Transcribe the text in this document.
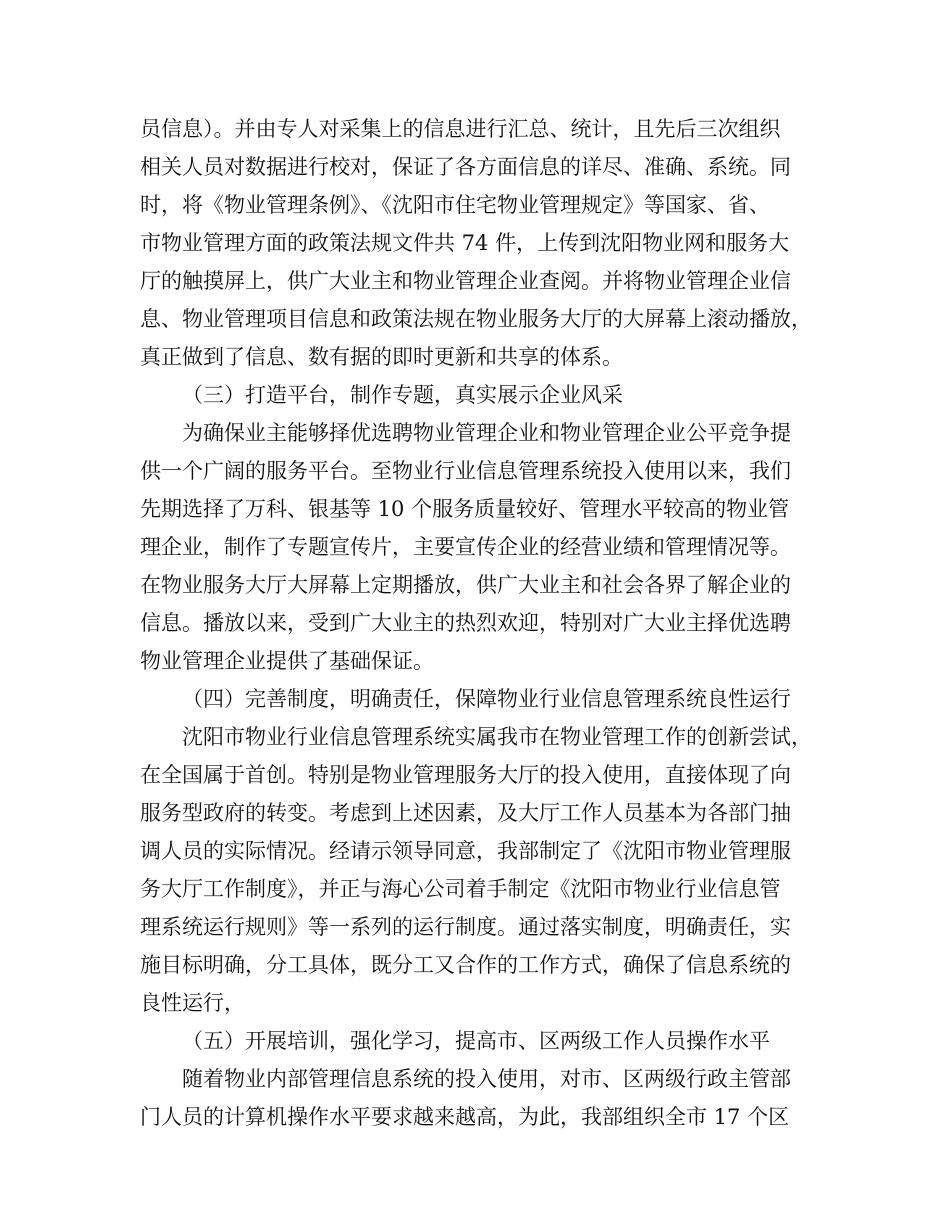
员信息）。并由专人对采集上的信息进行汇总、统计，且先后三次组织
相关人员对数据进行校对，保证了各方面信息的详尽、准确、系统。同
时，将《物业管理条例》、《沈阳市住宅物业管理规定》等国家、省、
市物业管理方面的政策法规文件共 74 件，上传到沈阳物业网和服务大
厅的触摸屏上，供广大业主和物业管理企业查阅。并将物业管理企业信
息、物业管理项目信息和政策法规在物业服务大厅的大屏幕上滚动播放，
真正做到了信息、数有据的即时更新和共享的体系。
（三）打造平台，制作专题，真实展示企业风采
为确保业主能够择优选聘物业管理企业和物业管理企业公平竞争提
供一个广阔的服务平台。至物业行业信息管理系统投入使用以来，我们
先期选择了万科、银基等 10 个服务质量较好、管理水平较高的物业管
理企业，制作了专题宣传片，主要宣传企业的经营业绩和管理情况等。
在物业服务大厅大屏幕上定期播放，供广大业主和社会各界了解企业的
信息。播放以来，受到广大业主的热烈欢迎，特别对广大业主择优选聘
物业管理企业提供了基础保证。
（四）完善制度，明确责任，保障物业行业信息管理系统良性运行
沈阳市物业行业信息管理系统实属我市在物业管理工作的创新尝试，
在全国属于首创。特别是物业管理服务大厅的投入使用，直接体现了向
服务型政府的转变。考虑到上述因素，及大厅工作人员基本为各部门抽
调人员的实际情况。经请示领导同意，我部制定了《沈阳市物业管理服
务大厅工作制度》，并正与海心公司着手制定《沈阳市物业行业信息管
理系统运行规则》等一系列的运行制度。通过落实制度，明确责任，实
施目标明确，分工具体，既分工又合作的工作方式，确保了信息系统的
良性运行，
（五）开展培训，强化学习，提高市、区两级工作人员操作水平
随着物业内部管理信息系统的投入使用，对市、区两级行政主管部
门人员的计算机操作水平要求越来越高，为此，我部组织全市 17 个区
